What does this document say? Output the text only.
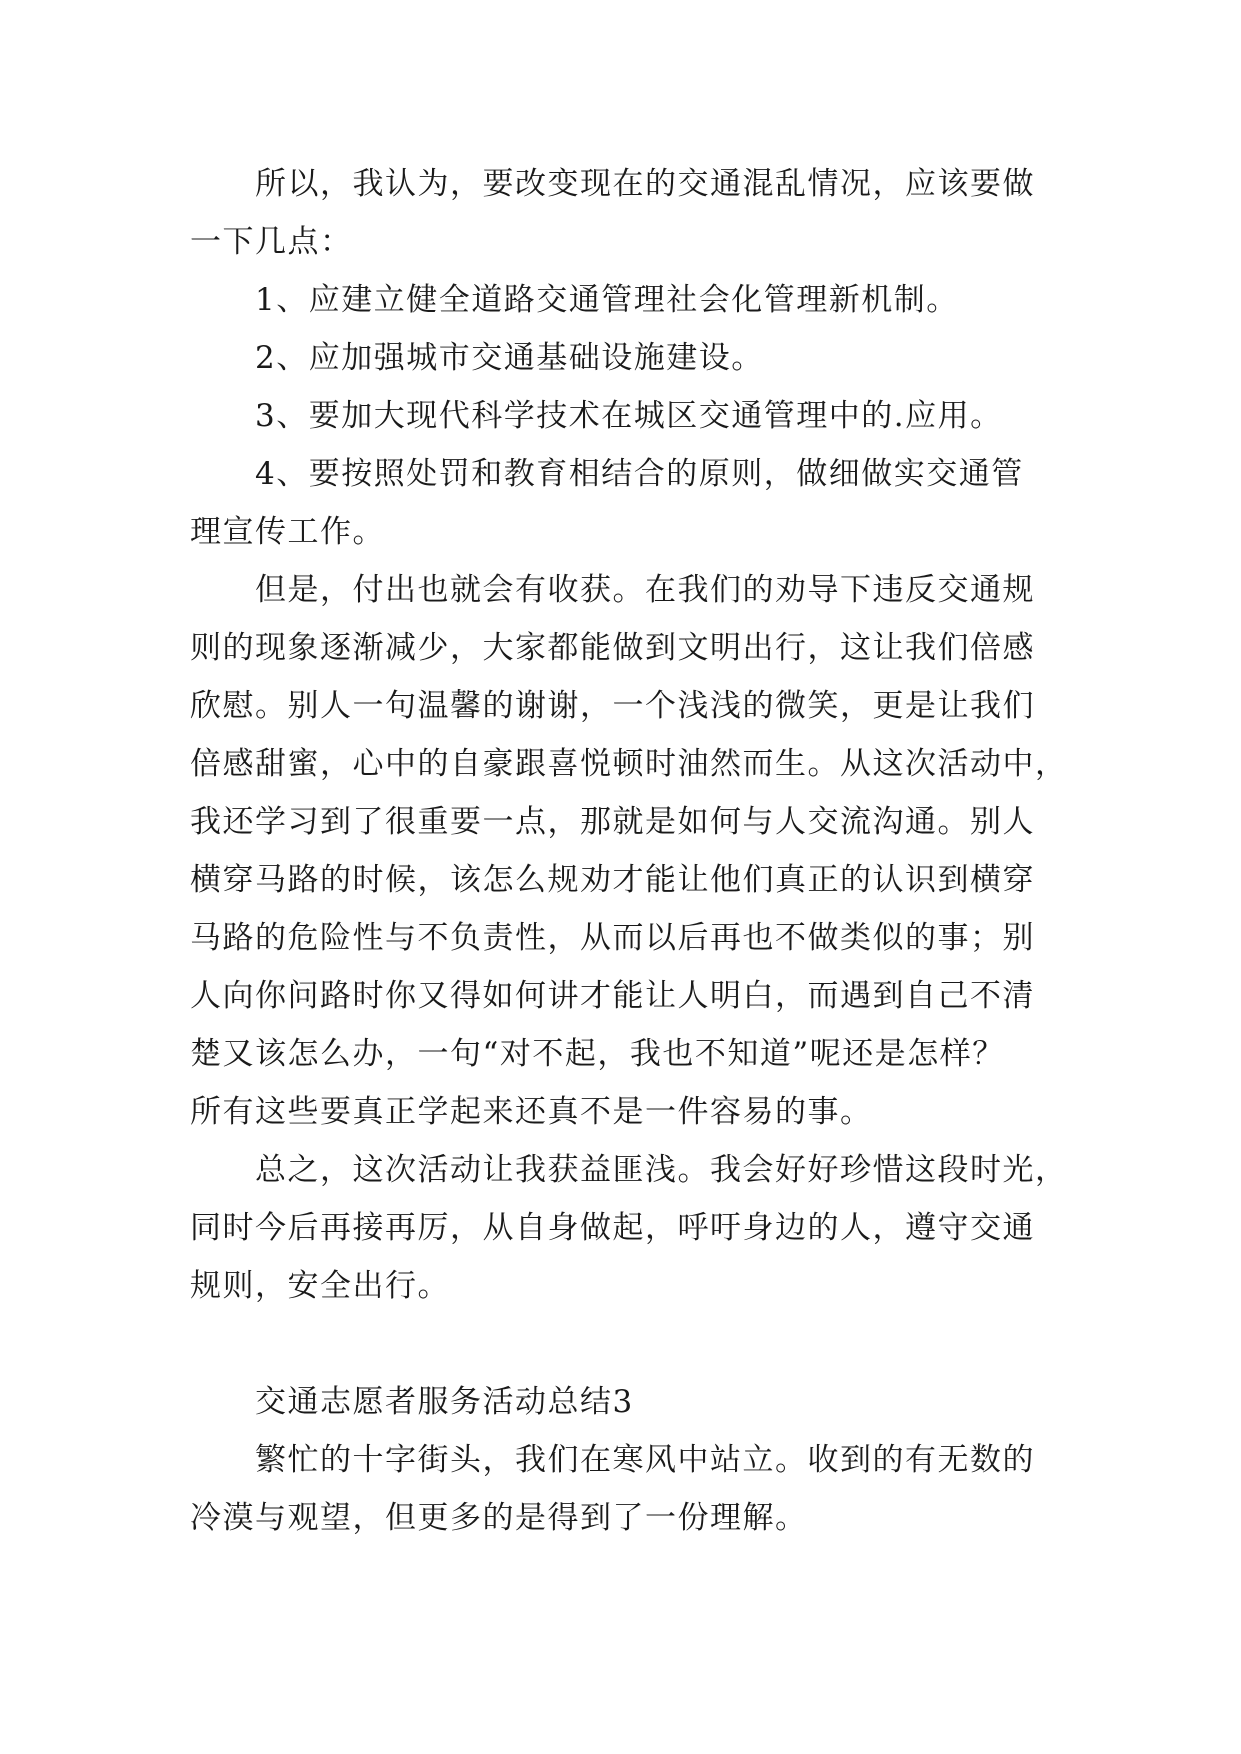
所以，我认为，要改变现在的交通混乱情况，应该要做
一下几点：
1、应建立健全道路交通管理社会化管理新机制。
2、应加强城市交通基础设施建设。
3、要加大现代科学技术在城区交通管理中的.应用。
4、要按照处罚和教育相结合的原则，做细做实交通管
理宣传工作。
但是，付出也就会有收获。在我们的劝导下违反交通规
则的现象逐渐减少，大家都能做到文明出行，这让我们倍感
欣慰。别人一句温馨的谢谢，一个浅浅的微笑，更是让我们
倍感甜蜜，心中的自豪跟喜悦顿时油然而生。从这次活动中，
我还学习到了很重要一点，那就是如何与人交流沟通。别人
横穿马路的时候，该怎么规劝才能让他们真正的认识到横穿
马路的危险性与不负责性，从而以后再也不做类似的事；别
人向你问路时你又得如何讲才能让人明白，而遇到自己不清
楚又该怎么办，一句“对不起，我也不知道”呢还是怎样？
所有这些要真正学起来还真不是一件容易的事。
总之，这次活动让我获益匪浅。我会好好珍惜这段时光，
同时今后再接再厉，从自身做起，呼吁身边的人，遵守交通
规则，安全出行。
交通志愿者服务活动总结3
繁忙的十字街头，我们在寒风中站立。收到的有无数的
冷漠与观望，但更多的是得到了一份理解。
